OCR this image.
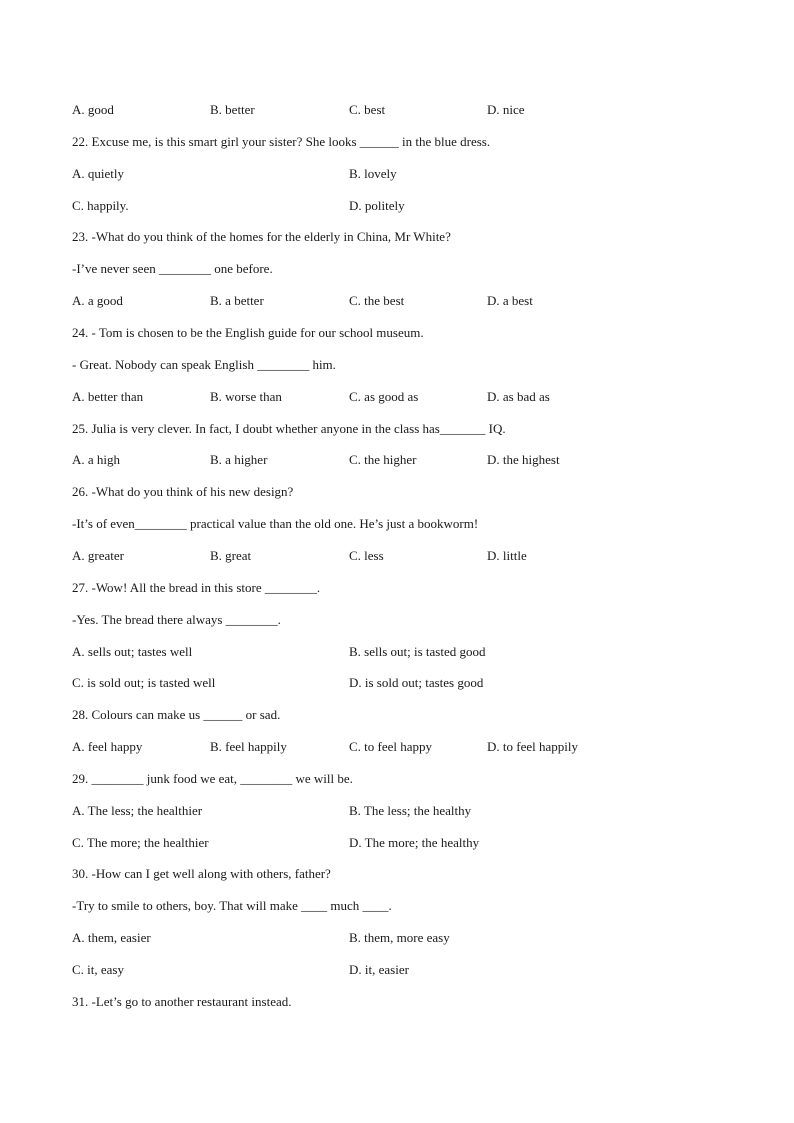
A. good	B. better	C. best	D. nice
22. Excuse me, is this smart girl your sister? She looks ______ in the blue dress.
A. quietly	B. lovely
C. happily.	D. politely
23. -What do you think of the homes for the elderly in China, Mr White?
-I’ve never seen ________ one before.
A. a good	B. a better	C. the best	D. a best
24. - Tom is chosen to be the English guide for our school museum.
- Great. Nobody can speak English ________ him.
A. better than	B. worse than	C. as good as	D. as bad as
25. Julia is very clever. In fact, I doubt whether anyone in the class has_______ IQ.
A. a high	B. a higher	C. the higher	D. the highest
26. -What do you think of his new design?
-It’s of even________ practical value than the old one. He’s just a bookworm!
A. greater	B. great	C. less	D. little
27. -Wow! All the bread in this store ________.
-Yes. The bread there always ________.
A. sells out; tastes well	B. sells out; is tasted good
C. is sold out; is tasted well	D. is sold out; tastes good
28. Colours can make us ______ or sad.
A. feel happy	B. feel happily	C. to feel happy	D. to feel happily
29. ________ junk food we eat, ________ we will be.
A. The less; the healthier	B. The less; the healthy
C. The more; the healthier	D. The more; the healthy
30. -How can I get well along with others, father?
-Try to smile to others, boy. That will make ____ much ____.
A. them, easier	B. them, more easy
C. it, easy	D. it, easier
31. -Let’s go to another restaurant instead.
